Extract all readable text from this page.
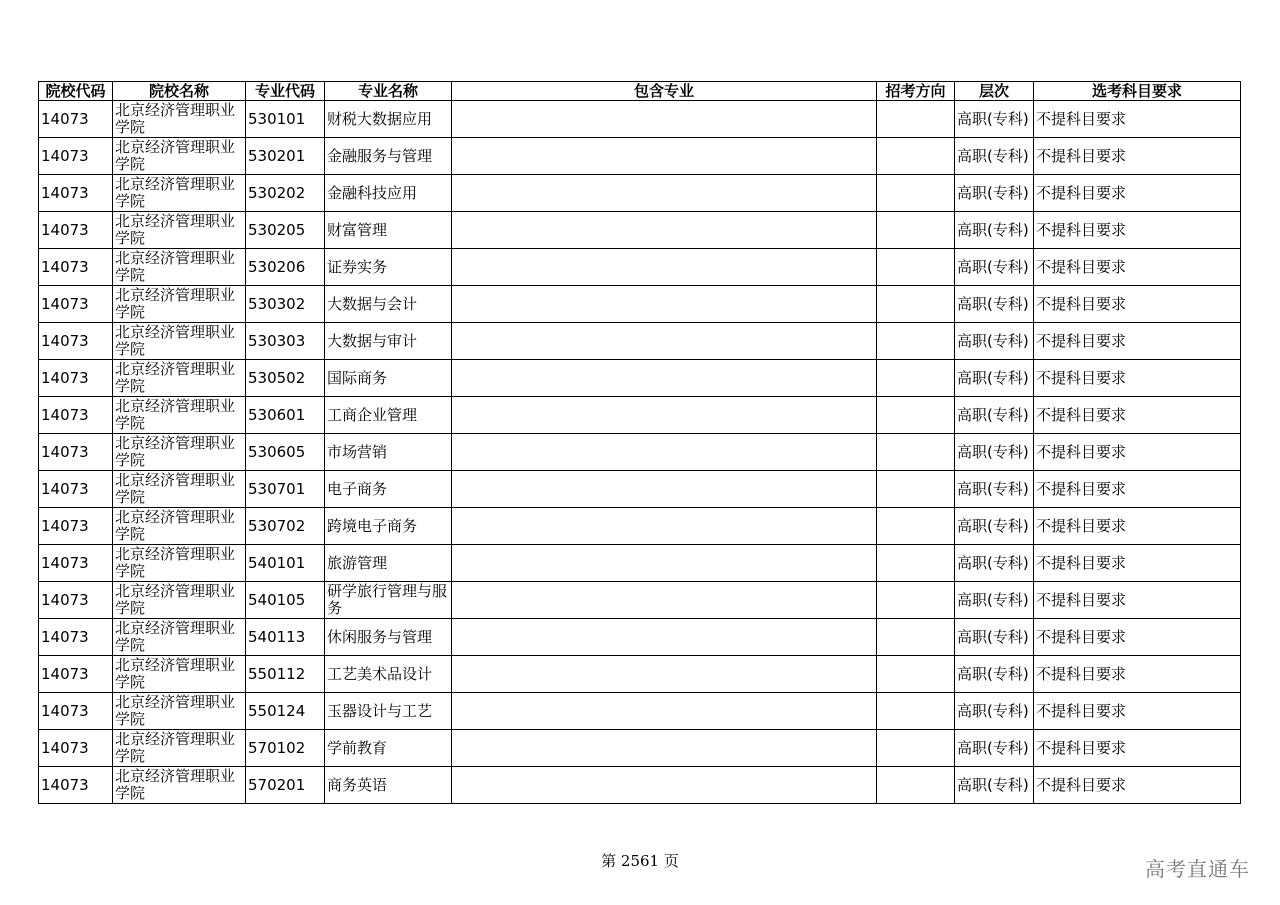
院校代码	院校名称	专业代码	专业名称	包含专业	招考方向	层次	选考科目要求
14073	北京经济管理职业学院	530101	财税大数据应用			高职(专科)	不提科目要求
14073	北京经济管理职业学院	530201	金融服务与管理			高职(专科)	不提科目要求
14073	北京经济管理职业学院	530202	金融科技应用			高职(专科)	不提科目要求
14073	北京经济管理职业学院	530205	财富管理			高职(专科)	不提科目要求
14073	北京经济管理职业学院	530206	证券实务			高职(专科)	不提科目要求
14073	北京经济管理职业学院	530302	大数据与会计			高职(专科)	不提科目要求
14073	北京经济管理职业学院	530303	大数据与审计			高职(专科)	不提科目要求
14073	北京经济管理职业学院	530502	国际商务			高职(专科)	不提科目要求
14073	北京经济管理职业学院	530601	工商企业管理			高职(专科)	不提科目要求
14073	北京经济管理职业学院	530605	市场营销			高职(专科)	不提科目要求
14073	北京经济管理职业学院	530701	电子商务			高职(专科)	不提科目要求
14073	北京经济管理职业学院	530702	跨境电子商务			高职(专科)	不提科目要求
14073	北京经济管理职业学院	540101	旅游管理			高职(专科)	不提科目要求
14073	北京经济管理职业学院	540105	研学旅行管理与服务			高职(专科)	不提科目要求
14073	北京经济管理职业学院	540113	休闲服务与管理			高职(专科)	不提科目要求
14073	北京经济管理职业学院	550112	工艺美术品设计			高职(专科)	不提科目要求
14073	北京经济管理职业学院	550124	玉器设计与工艺			高职(专科)	不提科目要求
14073	北京经济管理职业学院	570102	学前教育			高职(专科)	不提科目要求
14073	北京经济管理职业学院	570201	商务英语			高职(专科)	不提科目要求
第 2561 页	高考直通车
